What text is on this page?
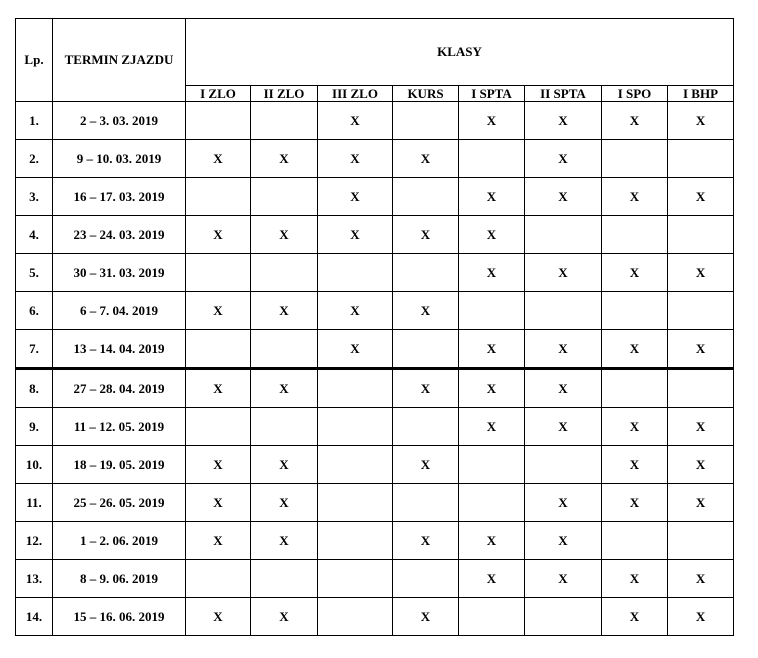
Lp.	TERMIN ZJAZDU	KLASY							
		I ZLO	II ZLO	III ZLO	KURS	I SPTA	II SPTA	I SPO	I BHP
1.	2 – 3. 03. 2019			X		X	X	X	X
2.	9 – 10. 03. 2019	X	X	X	X		X		
3.	16 – 17. 03. 2019			X		X	X	X	X
4.	23 – 24. 03. 2019	X	X	X	X	X			
5.	30 – 31. 03. 2019					X	X	X	X
6.	6 – 7. 04. 2019	X	X	X	X				
7.	13 – 14. 04. 2019			X		X	X	X	X
8.	27 – 28. 04. 2019	X	X		X	X	X		
9.	11 – 12. 05. 2019					X	X	X	X
10.	18 – 19. 05. 2019	X	X		X			X	X
11.	25 – 26. 05. 2019	X	X				X	X	X
12.	1 – 2. 06. 2019	X	X		X	X	X		
13.	8 – 9. 06. 2019					X	X	X	X
14.	15 – 16. 06. 2019	X	X		X			X	X
